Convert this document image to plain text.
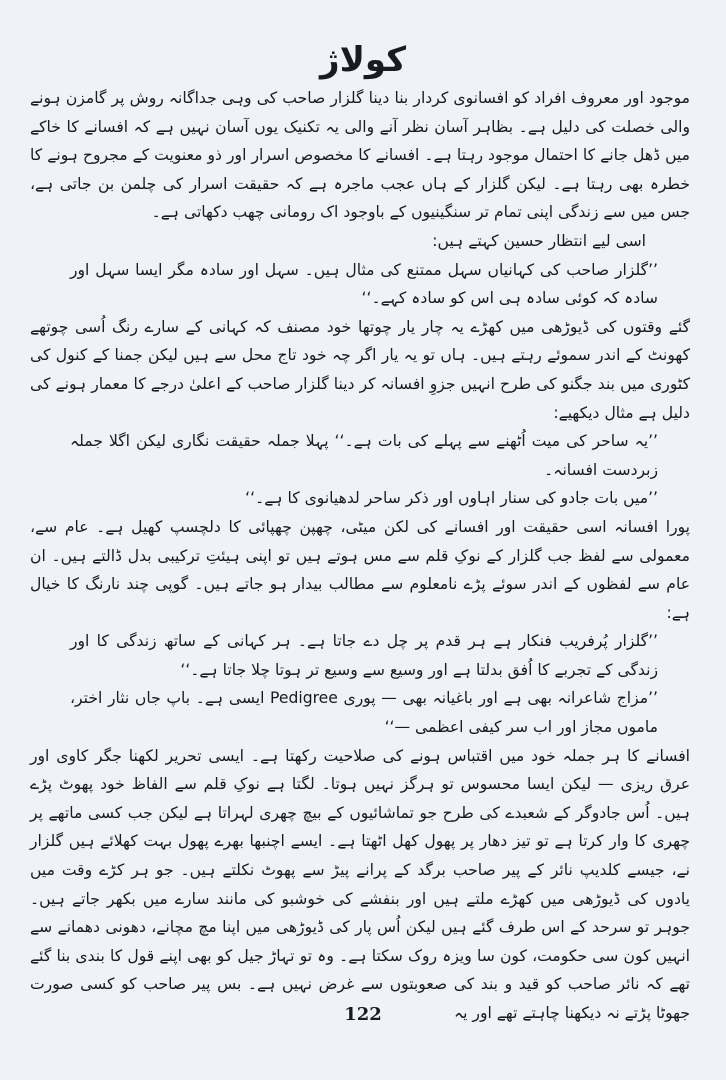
کولاژ

موجود اور معروف افراد کو افسانوی کردار بنا دینا گلزار صاحب کی وہی جداگانہ روش پر گامزن ہونے والی خصلت کی دلیل ہے۔ بظاہر آسان نظر آنے والی یہ تکنیک یوں آسان نہیں ہے کہ افسانے کا خاکے میں ڈھل جانے کا احتمال موجود رہتا ہے۔ افسانے کا مخصوص اسرار اور ذو معنویت کے مجروح ہونے کا خطرہ بھی رہتا ہے۔ لیکن گلزار کے ہاں عجب ماجرہ ہے کہ حقیقت اسرار کی چلمن بن جاتی ہے، جس میں سے زندگی اپنی تمام تر سنگینیوں کے باوجود اک رومانی چھب دکھاتی ہے۔

اسی لیے انتظار حسین کہتے ہیں:

’’گلزار صاحب کی کہانیاں سہل ممتنع کی مثال ہیں۔ سہل اور سادہ مگر ایسا سہل اور سادہ کہ کوئی سادہ ہی اس کو سادہ کہے۔‘‘

گئے وقتوں کی ڈیوڑھی میں کھڑے یہ چار یار چوتھا خود مصنف کہ کہانی کے سارے رنگ اُسی چوتھے کھونٹ کے اندر سموئے رہتے ہیں۔ ہاں تو یہ یار اگر چہ خود تاج محل سے ہیں لیکن جمنا کے کنول کی کٹوری میں بند جگنو کی طرح انہیں جزوِ افسانہ کر دینا گلزار صاحب کے اعلیٰ درجے کا معمار ہونے کی دلیل ہے مثال دیکھیے:

’’یہ ساحر کی میت اُٹھنے سے پہلے کی بات ہے۔‘‘ پہلا جملہ حقیقت نگاری لیکن اگلا جملہ زبردست افسانہ۔

’’میں بات جادو کی سنار اہاوں اور ذکر ساحر لدھیانوی کا ہے۔‘‘

پورا افسانہ اسی حقیقت اور افسانے کی لکن میٹی، چھپن چھپائی کا دلچسپ کھیل ہے۔ عام سے، معمولی سے لفظ جب گلزار کے نوکِ قلم سے مس ہوتے ہیں تو اپنی ہیئتِ ترکیبی بدل ڈالتے ہیں۔ ان عام سے لفظوں کے اندر سوئے پڑے نامعلوم سے مطالب بیدار ہو جاتے ہیں۔ گوپی چند نارنگ کا خیال ہے:

’’گلزار پُرفریب فنکار ہے ہر قدم پر چل دے جاتا ہے۔ ہر کہانی کے ساتھ زندگی کا اور زندگی کے تجربے کا اُفق بدلتا ہے اور وسیع سے وسیع تر ہوتا چلا جاتا ہے۔‘‘

’’مزاج شاعرانہ بھی ہے اور باغیانہ بھی — پوری Pedigree ایسی ہے۔ باپ جاں نثار اختر، ماموں مجاز اور اب سر کیفی اعظمی —‘‘

افسانے کا ہر جملہ خود میں اقتباس ہونے کی صلاحیت رکھتا ہے۔ ایسی تحریر لکھنا جگر کاوی اور عرق ریزی — لیکن ایسا محسوس تو ہرگز نہیں ہوتا۔ لگتا ہے نوکِ قلم سے الفاظ خود پھوٹ پڑے ہیں۔ اُس جادوگر کے شعبدے کی طرح جو تماشائیوں کے بیچ چھری لہراتا ہے لیکن جب کسی ماتھے پر چھری کا وار کرتا ہے تو تیز دھار پر پھول کھل اٹھتا ہے۔ ایسے اچنبھا بھرے پھول بہت کھلائے ہیں گلزار نے، جیسے کلدیپ نائر کے پیر صاحب برگد کے پرانے پیڑ سے پھوٹ نکلتے ہیں۔ جو ہر کڑے وقت میں یادوں کی ڈیوڑھی میں کھڑے ملتے ہیں اور بنفشے کی خوشبو کی مانند سارے میں بکھر جاتے ہیں۔ جوہر تو سرحد کے اس طرف گئے ہیں لیکن اُس پار کی ڈیوڑھی میں اپنا مچ مچانے، دھونی دھمانے سے انہیں کون سی حکومت، کون سا ویزہ روک سکتا ہے۔ وہ تو تہاڑ جیل کو بھی اپنے قول کا بندی بنا گئے تھے کہ نائر صاحب کو قید و بند کی صعوبتوں سے غرض نہیں ہے۔ بس پیر صاحب کو کسی صورت جھوٹا پڑتے نہ دیکھنا چاہتے تھے اور یہ

122
